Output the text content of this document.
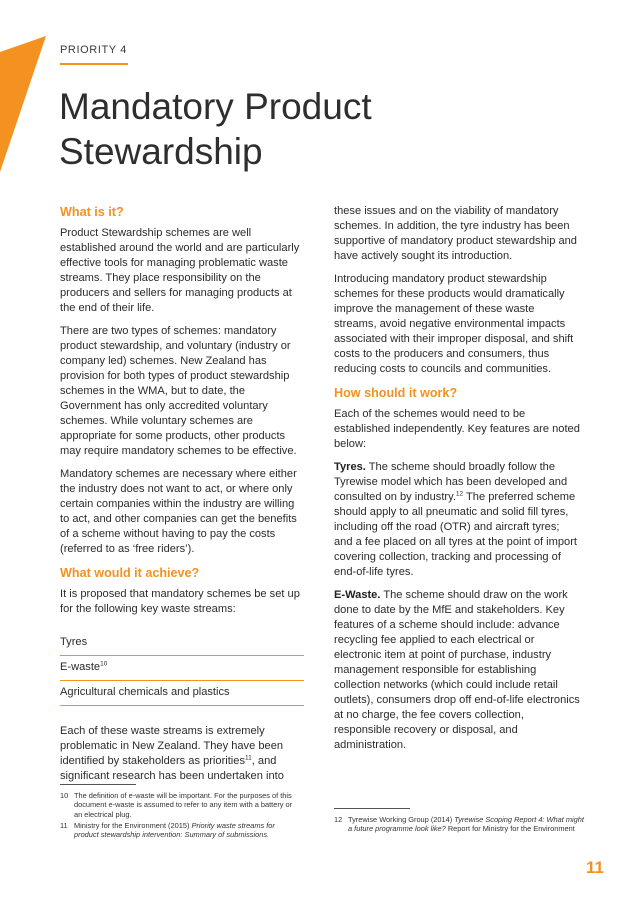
PRIORITY 4
Mandatory Product
Stewardship
What is it?

Product Stewardship schemes are well established around the world and are particularly effective tools for managing problematic waste streams. They place responsibility on the producers and sellers for managing products at the end of their life.

There are two types of schemes: mandatory product stewardship, and voluntary (industry or company led) schemes. New Zealand has provision for both types of product stewardship schemes in the WMA, but to date, the Government has only accredited voluntary schemes. While voluntary schemes are appropriate for some products, other products may require mandatory schemes to be effective.

Mandatory schemes are necessary where either the industry does not want to act, or where only certain companies within the industry are willing to act, and other companies can get the benefits of a scheme without having to pay the costs (referred to as ‘free riders’).

What would it achieve?

It is proposed that mandatory schemes be set up for the following key waste streams:

Tyres
E-waste$^{10}$
Agricultural chemicals and plastics

Each of these waste streams is extremely problematic in New Zealand. They have been identified by stakeholders as priorities$^{11}$, and significant research has been undertaken into

these issues and on the viability of mandatory schemes. In addition, the tyre industry has been supportive of mandatory product stewardship and have actively sought its introduction.

Introducing mandatory product stewardship schemes for these products would dramatically improve the management of these waste streams, avoid negative environmental impacts associated with their improper disposal, and shift costs to the producers and consumers, thus reducing costs to councils and communities.

How should it work?

Each of the schemes would need to be established independently. Key features are noted below:

Tyres. The scheme should broadly follow the Tyrewise model which has been developed and consulted on by industry.$^{12}$ The preferred scheme should apply to all pneumatic and solid fill tyres, including off the road (OTR) and aircraft tyres; and a fee placed on all tyres at the point of import covering collection, tracking and processing of end-of-life tyres.

E-Waste. The scheme should draw on the work done to date by the MfE and stakeholders. Key features of a scheme should include: advance recycling fee applied to each electrical or electronic item at point of purchase, industry management responsible for establishing collection networks (which could include retail outlets), consumers drop off end-of-life electronics at no charge, the fee covers collection, responsible recovery or disposal, and administration.

10 The definition of e-waste will be important. For the purposes of this document e-waste is assumed to refer to any item with a battery or an electrical plug.
11 Ministry for the Environment (2015) Priority waste streams for product stewardship intervention: Summary of submissions.
12 Tyrewise Working Group (2014) Tyrewise Scoping Report 4: What might a future programme look like? Report for Ministry for the Environment
11
